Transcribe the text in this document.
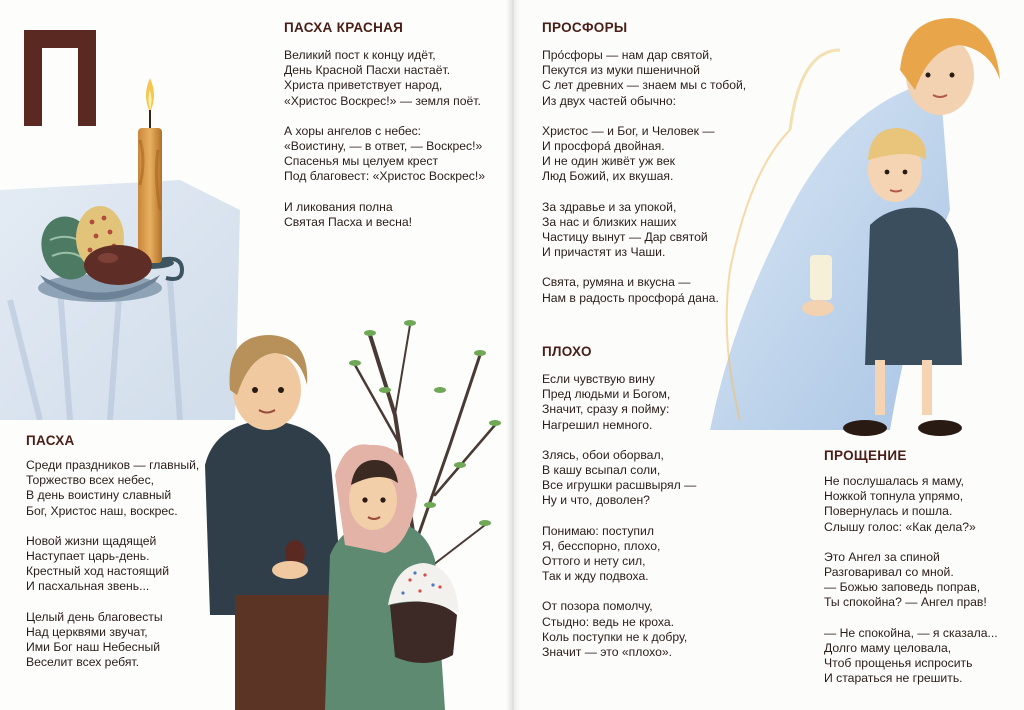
ПАСХА КРАСНАЯ
Великий пост к концу идёт,
День Красной Пасхи настаёт.
Христа приветствует народ,
«Христос Воскрес!» — земля поёт.
А хоры ангелов с небес:
«Воистину, — в ответ, — Воскрес!»
Спасенья мы целуем крест
Под благовест: «Христос Воскрес!»
И ликования полна
Святая Пасха и весна!
ПАСХА
Среди праздников — главный,
Торжество всех небес,
В день воистину славный
Бог, Христос наш, воскрес.
Новой жизни щадящей
Наступает царь-день.
Крестный ход настоящий
И пасхальная звень...
Целый день благовесты
Над церквями звучат,
Ими Бог наш Небесный
Веселит всех ребят.
ПРОСФОРЫ
Про́сфоры — нам дар святой,
Пекутся из муки пшеничной
С лет древних — знаем мы с тобой,
Из двух частей обычно:
Христос — и Бог, и Человек —
И просфора́ двойная.
И не один живёт уж век
Люд Божий, их вкушая.
За здравье и за упокой,
За нас и близких наших
Частицу вынут — Дар святой
И причастят из Чаши.
Свята, румяна и вкусна —
Нам в радость просфора́ дана.
ПЛОХО
Если чувствую вину
Пред людьми и Богом,
Значит, сразу я пойму:
Нагрешил немного.
Злясь, обои оборвал,
В кашу всыпал соли,
Все игрушки расшвырял —
Ну и что, доволен?
Понимаю: поступил
Я, бесспорно, плохо,
Оттого и нету сил,
Так и жду подвоха.
От позора помолчу,
Стыдно: ведь не кроха.
Коль поступки не к добру,
Значит — это «плохо».
ПРОЩЕНИЕ
Не послушалась я маму,
Ножкой топнула упрямо,
Повернулась и пошла.
Слышу голос: «Как дела?»
Это Ангел за спиной
Разговаривал со мной.
— Божью заповедь поправ,
Ты спокойна? — Ангел прав!
— Не спокойна, — я сказала...
Долго маму целовала,
Чтоб прощенья испросить
И стараться не грешить.
